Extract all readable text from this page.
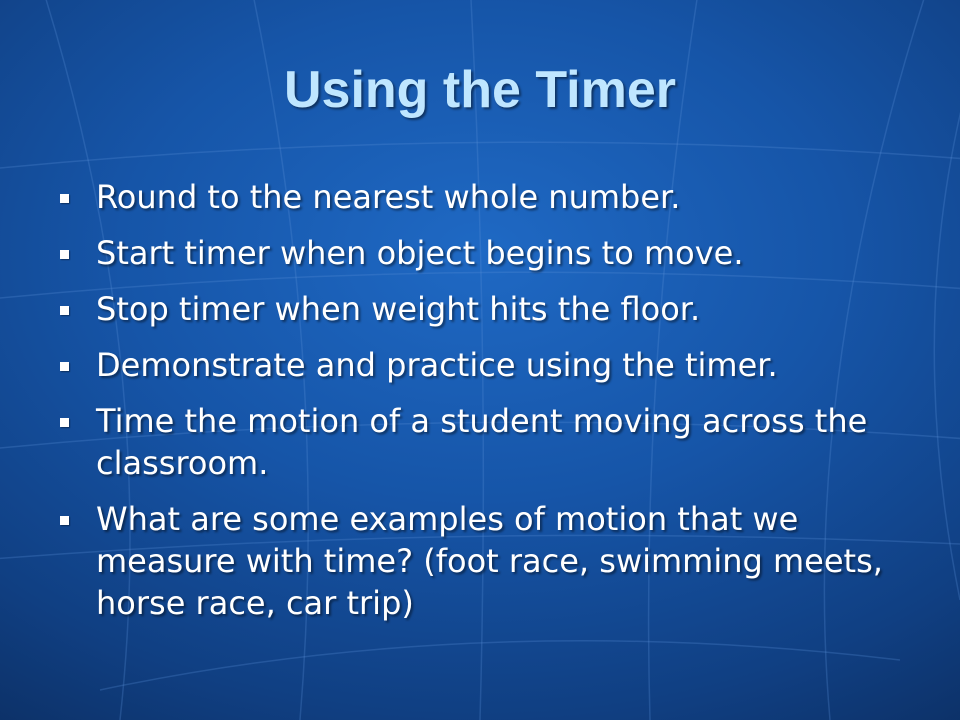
Using the Timer
Round to the nearest whole number.
Start timer when object begins to move.
Stop timer when weight hits the floor.
Demonstrate and practice using the timer.
Time the motion of a student moving across the classroom.
What are some examples of motion that we measure with time? (foot race, swimming meets, horse race, car trip)
